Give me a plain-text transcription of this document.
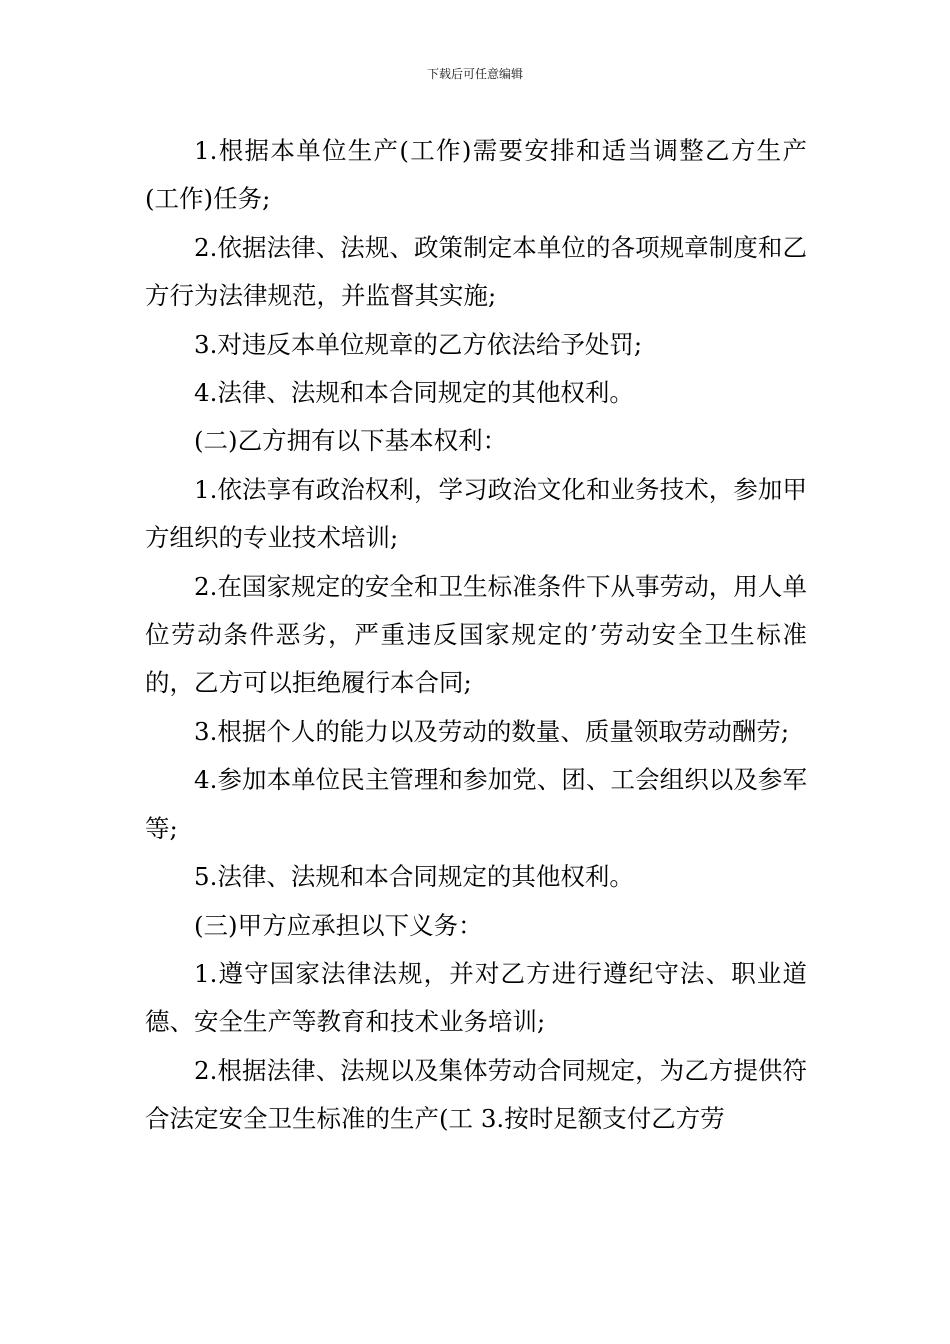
下载后可任意编辑

1.根据本单位生产(工作)需要安排和适当调整乙方生产(工作)任务;

2.依据法律、法规、政策制定本单位的各项规章制度和乙方行为法律规范，并监督其实施;

3.对违反本单位规章的乙方依法给予处罚;

4.法律、法规和本合同规定的其他权利。

(二)乙方拥有以下基本权利：

1.依法享有政治权利，学习政治文化和业务技术，参加甲方组织的专业技术培训;

2.在国家规定的安全和卫生标准条件下从事劳动，用人单位劳动条件恶劣，严重违反国家规定的’劳动安全卫生标准的，乙方可以拒绝履行本合同;

3.根据个人的能力以及劳动的数量、质量领取劳动酬劳;

4.参加本单位民主管理和参加党、团、工会组织以及参军等;

5.法律、法规和本合同规定的其他权利。

(三)甲方应承担以下义务：

1.遵守国家法律法规，并对乙方进行遵纪守法、职业道德、安全生产等教育和技术业务培训;

2.根据法律、法规以及集体劳动合同规定，为乙方提供符合法定安全卫生标准的生产(工 3.按时足额支付乙方劳
